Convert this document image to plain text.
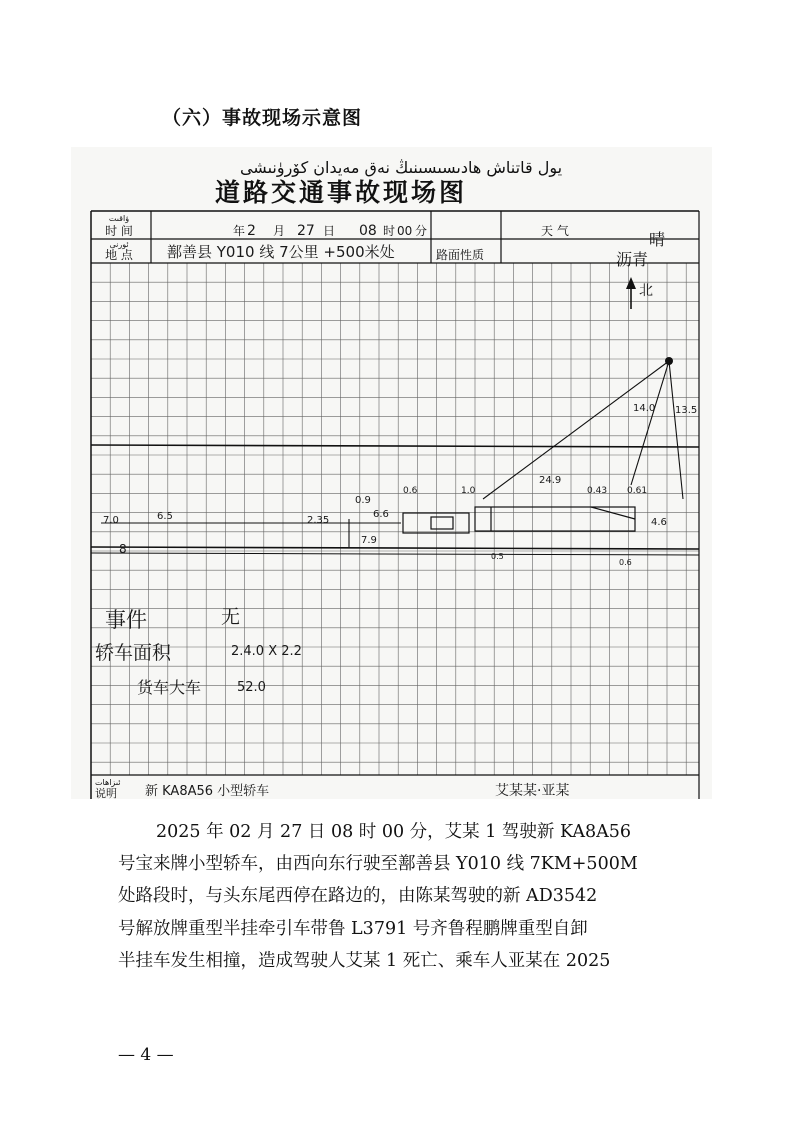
（六）事故现场示意图
يول قاتناش ھادىسىسىنىڭ نەق مەيدان كۆرۈنىشى
道路交通事故现场图
ۋاقىت
时 间
ئورنى
地 点
2
年 月 27 日 08 时 00 分	天 气	晴
鄯善县 Y010 线 7公里 +500米处	路面性质	沥青
北
7.0	6.5
0.9
2.35
6.6
0.6	1.0	0.43
7.9
24.9
14.0 13.5
4.6
0.61
0.5
0.6
8
事件	无
轿车面积	2.4.0 X 2.2
货车大车	52.0
ئىزاھات
说明 新 KA8A56 小型轿车	艾某某·亚某

2025 年 02 月 27 日 08 时 00 分，艾某 1 驾驶新 KA8A56

号宝来牌小型轿车，由西向东行驶至鄯善县 Y010 线 7KM+500M

处路段时，与头东尾西停在路边的，由陈某驾驶的新 AD3542

号解放牌重型半挂牵引车带鲁 L3791 号齐鲁程鹏牌重型自卸

半挂车发生相撞，造成驾驶人艾某 1 死亡、乘车人亚某在 2025

— 4 —
